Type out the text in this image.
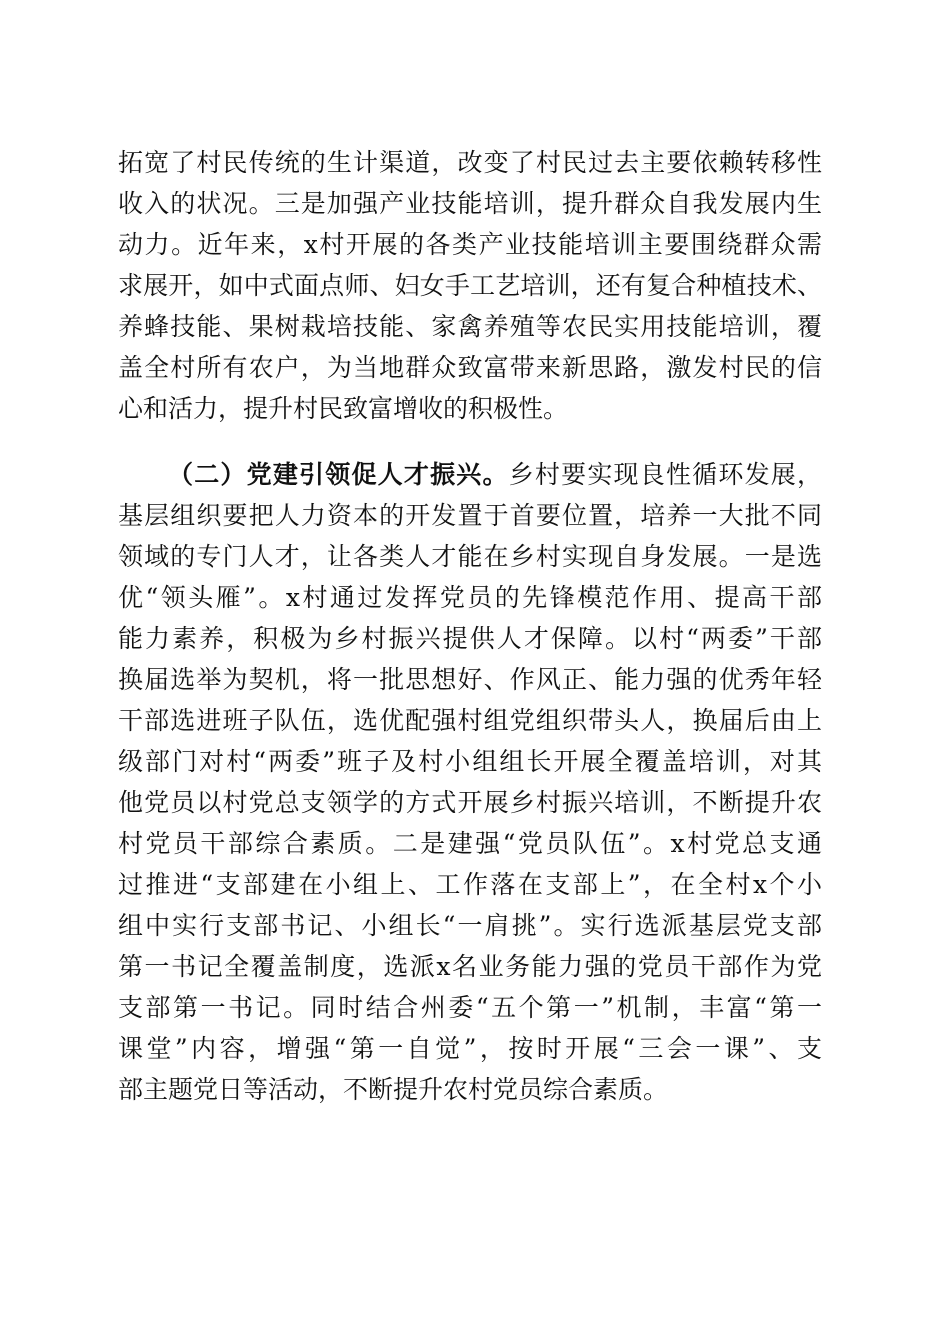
拓宽了村民传统的生计渠道，改变了村民过去主要依赖转移性
收入的状况。三是加强产业技能培训，提升群众自我发展内生
动力。近年来，x村开展的各类产业技能培训主要围绕群众需
求展开，如中式面点师、妇女手工艺培训，还有复合种植技术、
养蜂技能、果树栽培技能、家禽养殖等农民实用技能培训，覆
盖全村所有农户，为当地群众致富带来新思路，激发村民的信
心和活力，提升村民致富增收的积极性。
（二）党建引领促人才振兴。乡村要实现良性循环发展，
基层组织要把人力资本的开发置于首要位置，培养一大批不同
领域的专门人才，让各类人才能在乡村实现自身发展。一是选
优“领头雁”。x村通过发挥党员的先锋模范作用、提高干部
能力素养，积极为乡村振兴提供人才保障。以村“两委”干部
换届选举为契机，将一批思想好、作风正、能力强的优秀年轻
干部选进班子队伍，选优配强村组党组织带头人，换届后由上
级部门对村“两委”班子及村小组组长开展全覆盖培训，对其
他党员以村党总支领学的方式开展乡村振兴培训，不断提升农
村党员干部综合素质。二是建强“党员队伍”。x村党总支通
过推进“支部建在小组上、工作落在支部上”，在全村x个小
组中实行支部书记、小组长“一肩挑”。实行选派基层党支部
第一书记全覆盖制度，选派x名业务能力强的党员干部作为党
支部第一书记。同时结合州委“五个第一”机制，丰富“第一
课堂”内容，增强“第一自觉”，按时开展“三会一课”、支
部主题党日等活动，不断提升农村党员综合素质。
